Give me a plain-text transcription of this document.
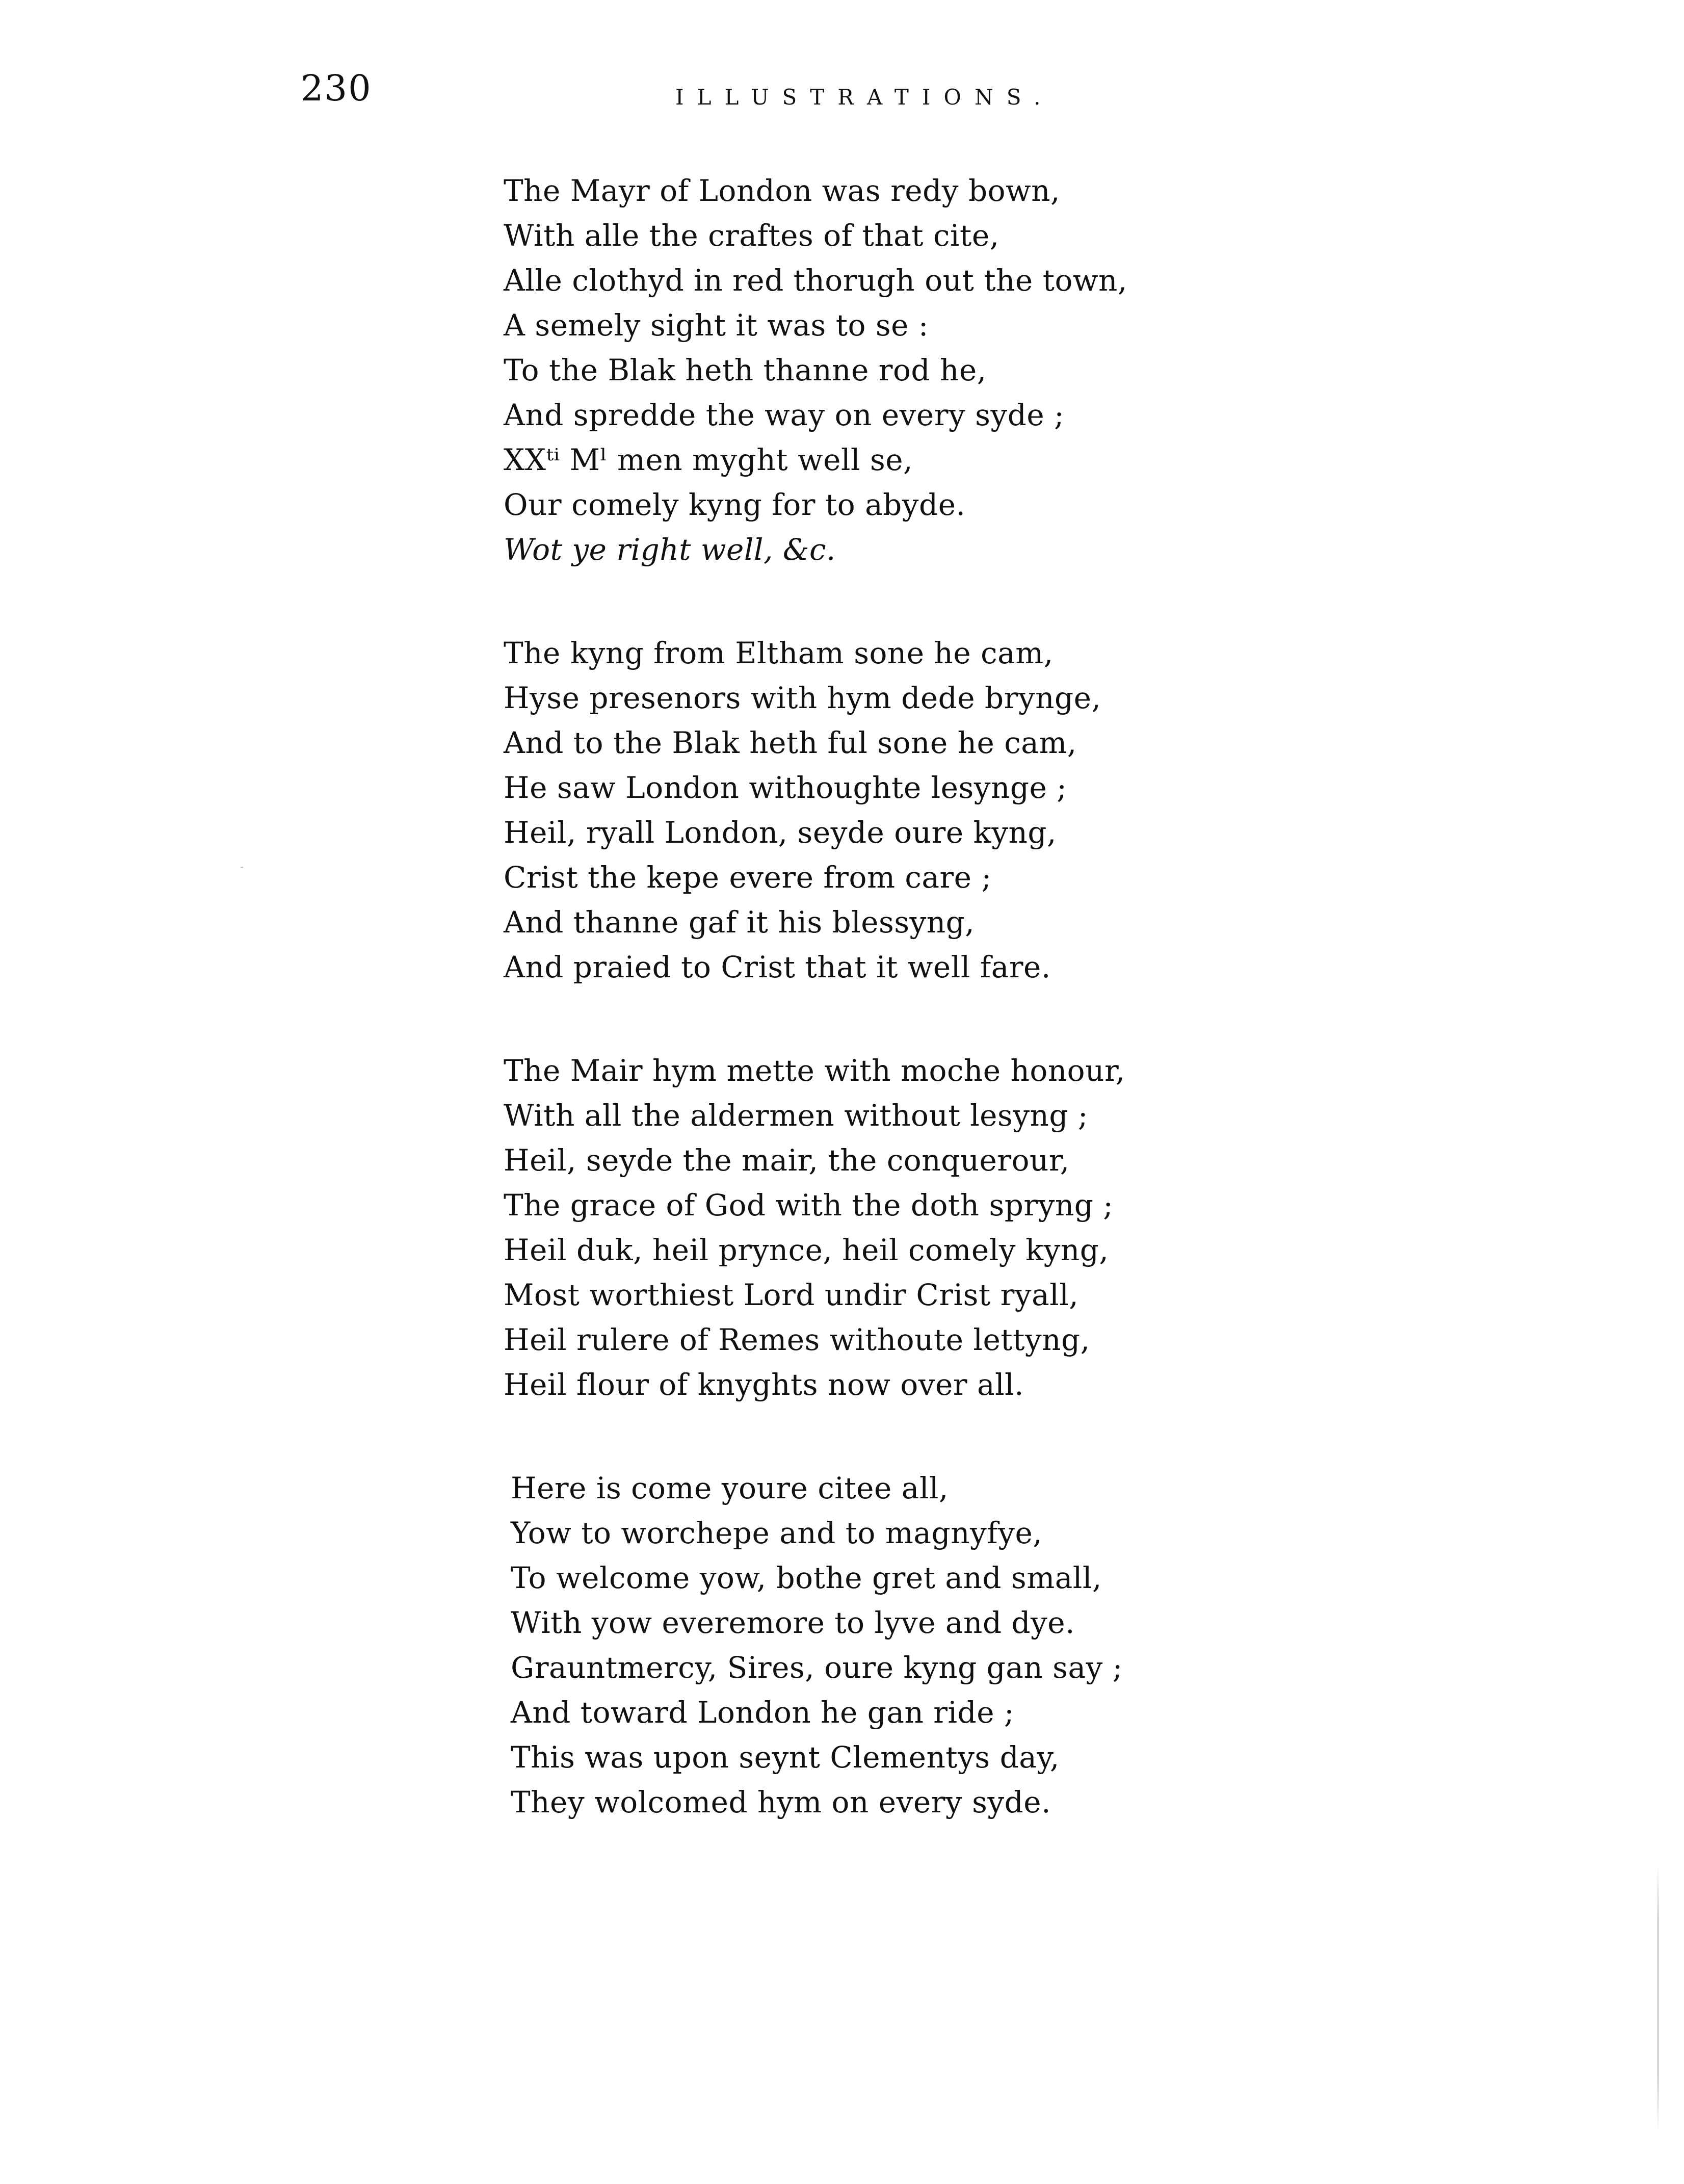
230	ILLUSTRATIONS.
The Mayr of London was redy bown,
With alle the craftes of that cite,
Alle clothyd in red thorugh out the town,
A semely sight it was to se :
To the Blak heth thanne rod he,
And spredde the way on every syde ;
XXᵗⁱ Mˡ men myght well se,
Our comely kyng for to abyde.
Wot ye right well, &c.
The kyng from Eltham sone he cam,
Hyse presenors with hym dede brynge,
And to the Blak heth ful sone he cam,
He saw London withoughte lesynge ;
Heil, ryall London, seyde oure kyng,
Crist the kepe evere from care ;
And thanne gaf it his blessyng,
And praied to Crist that it well fare.
The Mair hym mette with moche honour,
With all the aldermen without lesyng ;
Heil, seyde the mair, the conquerour,
The grace of God with the doth spryng ;
Heil duk, heil prynce, heil comely kyng,
Most worthiest Lord undir Crist ryall,
Heil rulere of Remes withoute lettyng,
Heil flour of knyghts now over all.
Here is come youre citee all,
Yow to worchepe and to magnyfye,
To welcome yow, bothe gret and small,
With yow everemore to lyve and dye.
Grauntmercy, Sires, oure kyng gan say ;
And toward London he gan ride ;
This was upon seynt Clementys day,
They wolcomed hym on every syde.
